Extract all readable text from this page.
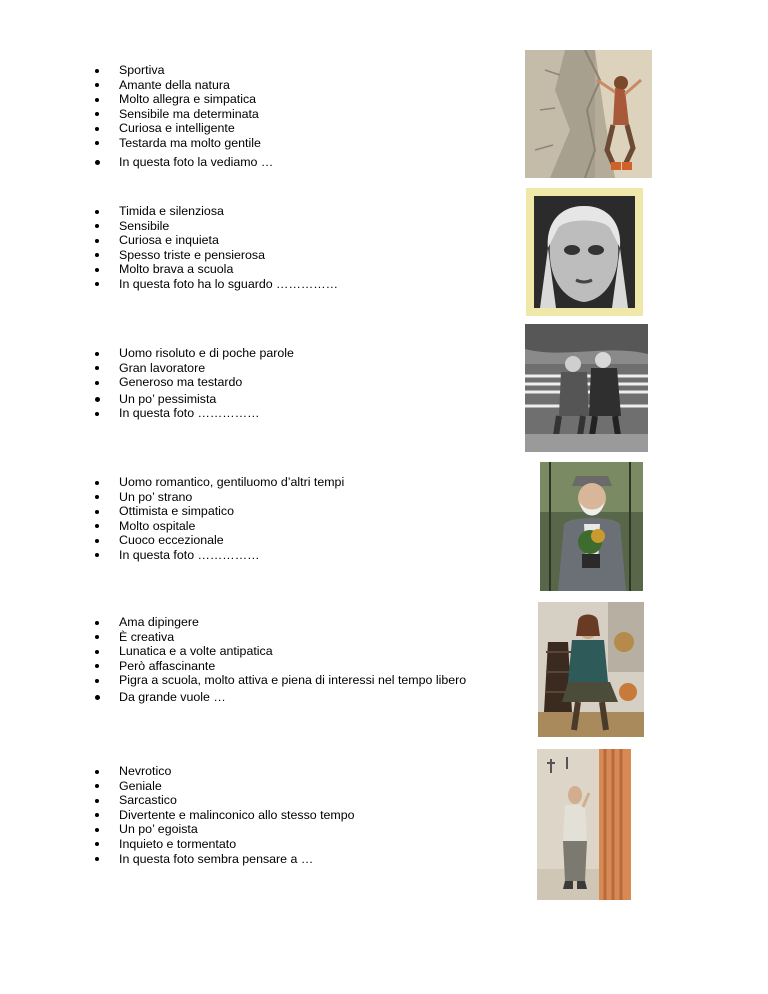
Sportiva
Amante della natura
Molto allegra e simpatica
Sensibile ma determinata
Curiosa e intelligente
Testarda ma molto gentile
In questa foto la vediamo …
Timida e silenziosa
Sensibile
Curiosa e inquieta
Spesso triste e pensierosa
Molto brava a scuola
In questa foto ha lo sguardo ……………
Uomo risoluto e di poche parole
Gran lavoratore
Generoso ma testardo
Un po’ pessimista
In questa foto ……………
Uomo romantico, gentiluomo d’altri tempi
Un po’ strano
Ottimista e simpatico
Molto ospitale
Cuoco eccezionale
In questa foto ……………
Ama dipingere
È creativa
Lunatica e a volte antipatica
Però affascinante
Pigra a scuola, molto attiva e piena di interessi nel tempo libero
Da grande vuole …
Nevrotico
Geniale
Sarcastico
Divertente e malinconico allo stesso tempo
Un po’ egoista
Inquieto e tormentato
In questa foto sembra pensare a …
